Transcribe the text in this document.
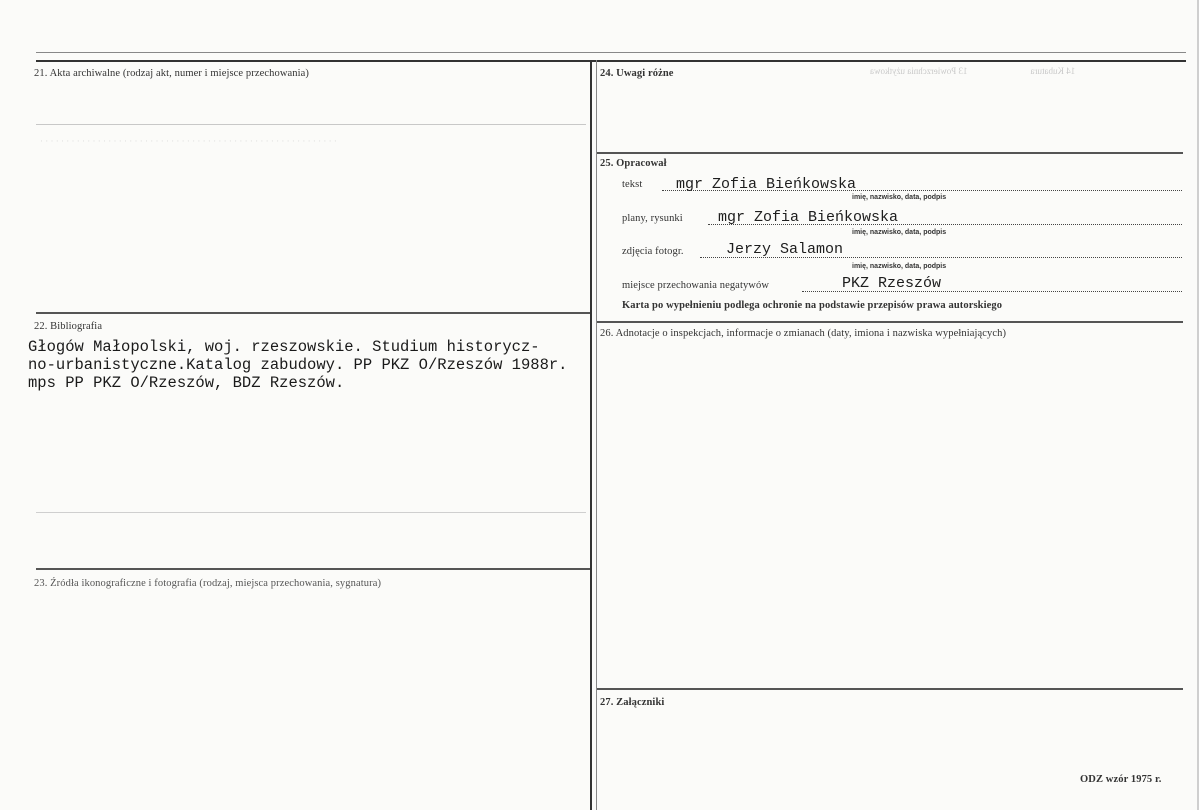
14 Kubatura                            13 Powierzchnia użytkowa
· · · · · · · · · · · · · · · · · · · · · · · · · · · · · · · · · · · · · · · · · · · · · · · · · · · · · · · · ·
21. Akta archiwalne (rodzaj akt, numer i miejsce przechowania)	24. Uwagi różne
25. Opracował
tekst mgr Zofia Bieńkowska
imię, nazwisko, data, podpis
plany, rysunki mgr Zofia Bieńkowska
imię, nazwisko, data, podpis
zdjęcia fotogr.	Jerzy Salamon
imię, nazwisko, data, podpis
miejsce przechowania negatywów	PKZ Rzeszów
Karta po wypełnieniu podlega ochronie na podstawie przepisów prawa autorskiego
22. Bibliografia
Głogów Małopolski, woj. rzeszowskie. Studium historycz-
no-urbanistyczne.Katalog zabudowy. PP PKZ O/Rzeszów 1988r.
mps PP PKZ O/Rzeszów, BDZ Rzeszów.
26. Adnotacje o inspekcjach, informacje o zmianach (daty, imiona i nazwiska wypełniających)
23. Źródła ikonograficzne i fotografia (rodzaj, miejsca przechowania, sygnatura)
27. Załączniki
ODZ wzór 1975 r.
